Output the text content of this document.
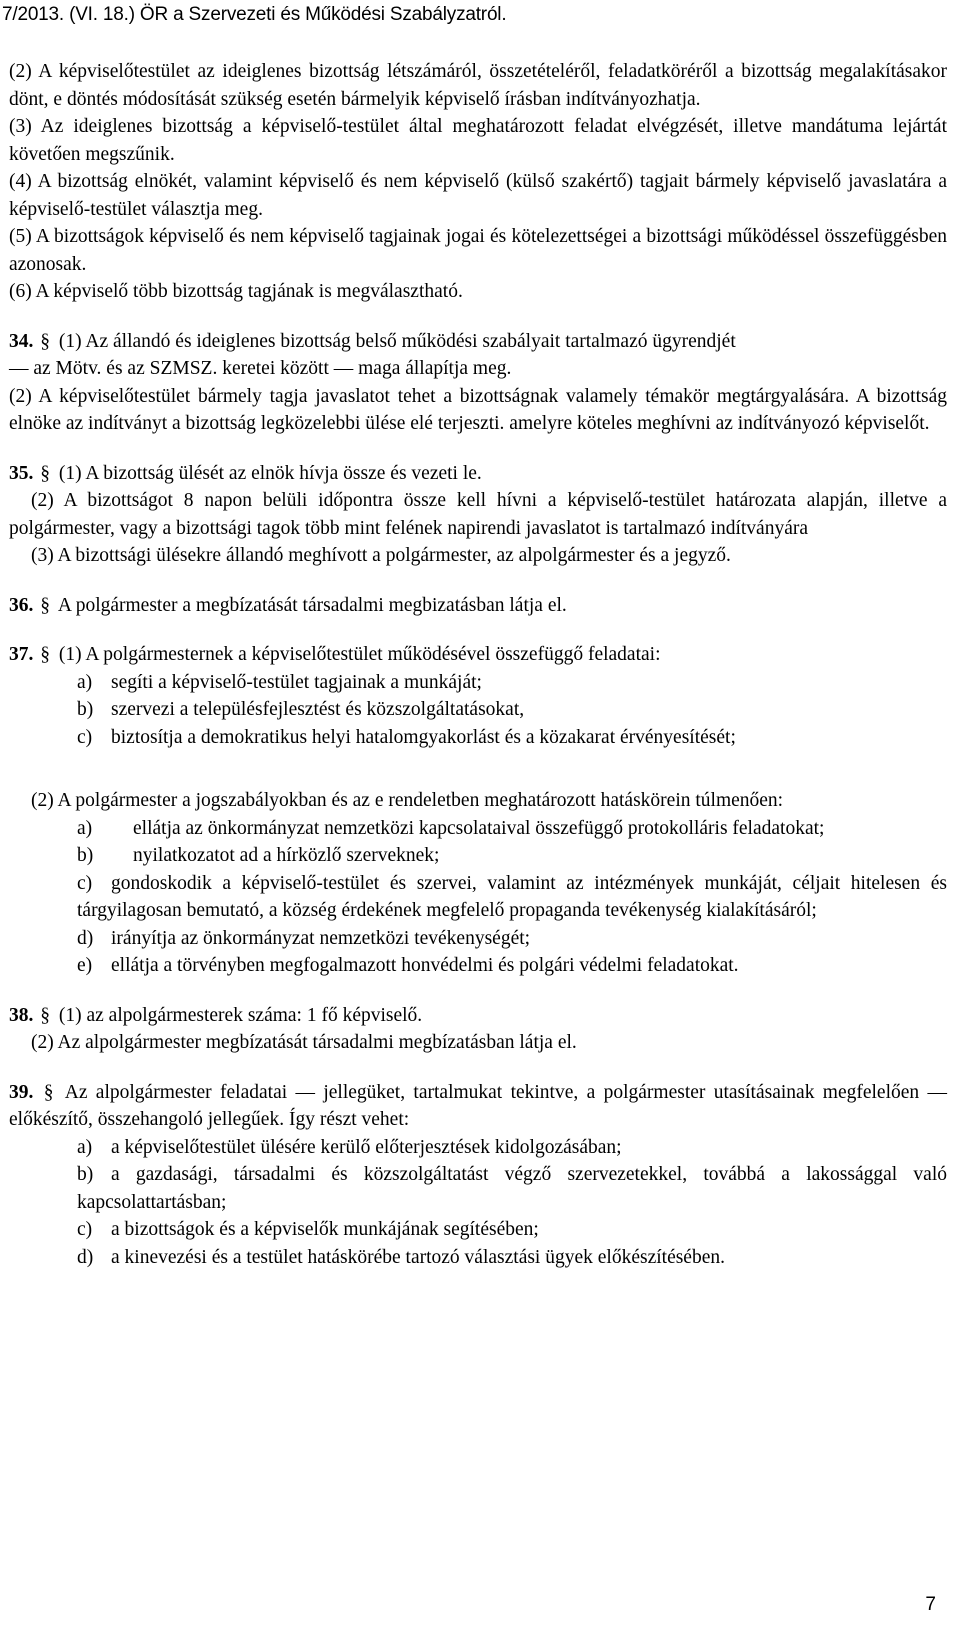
7/2013. (VI. 18.) ÖR a Szervezeti és Működési Szabályzatról.

(2) A képviselőtestület az ideiglenes bizottság létszámáról, összetételéről, feladatköréről a bizottság megalakításakor dönt, e döntés módosítását szükség esetén bármelyik képviselő írásban indítványozhatja.

(3) Az ideiglenes bizottság a képviselő-testület által meghatározott feladat elvégzését, illetve mandátuma lejártát követően megszűnik.

(4) A bizottság elnökét, valamint képviselő és nem képviselő (külső szakértő) tagjait bármely képviselő javaslatára a képviselő-testület választja meg.

(5) A bizottságok képviselő és nem képviselő tagjainak jogai és kötelezettségei a bizottsági működéssel összefüggésben azonosak.

(6) A képviselő több bizottság tagjának is megválasztható.

34. § (1) Az állandó és ideiglenes bizottság belső működési szabályait tartalmazó ügyrendjét
— az Mötv. és az SZMSZ. keretei között — maga állapítja meg.

(2) A képviselőtestület bármely tagja javaslatot tehet a bizottságnak valamely témakör megtárgyalására. A bizottság elnöke az indítványt a bizottság legközelebbi ülése elé terjeszti. amelyre köteles meghívni az indítványozó képviselőt.

35. § (1) A bizottság ülését az elnök hívja össze és vezeti le.

(2) A bizottságot 8 napon belüli időpontra össze kell hívni a képviselő-testület határozata alapján, illetve a polgármester, vagy a bizottsági tagok több mint felének napirendi javaslatot is tartalmazó indítványára

(3) A bizottsági ülésekre állandó meghívott a polgármester, az alpolgármester és a jegyző.

36. § A polgármester a megbízatását társadalmi megbizatásban látja el.

37. § (1) A polgármesternek a képviselőtestület működésével összefüggő feladatai:

a) segíti a képviselő-testület tagjainak a munkáját;

b) szervezi a településfejlesztést és közszolgáltatásokat,

c) biztosítja a demokratikus helyi hatalomgyakorlást és a közakarat érvényesítését;

(2) A polgármester a jogszabályokban és az e rendeletben meghatározott hatáskörein túlmenően:

a) ellátja az önkormányzat nemzetközi kapcsolataival összefüggő protokolláris feladatokat;

b) nyilatkozatot ad a hírközlő szerveknek;

c) gondoskodik a képviselő-testület és szervei, valamint az intézmények munkáját, céljait hitelesen és tárgyilagosan bemutató, a község érdekének megfelelő propaganda tevékenység kialakításáról;

d) irányítja az önkormányzat nemzetközi tevékenységét;

e) ellátja a törvényben megfogalmazott honvédelmi és polgári védelmi feladatokat.

38. § (1) az alpolgármesterek száma: 1 fő képviselő.

(2) Az alpolgármester megbízatását társadalmi megbízatásban látja el.

39. § Az alpolgármester feladatai — jellegüket, tartalmukat tekintve, a polgármester utasításainak megfelelően — előkészítő, összehangoló jellegűek. Így részt vehet:

a) a képviselőtestület ülésére kerülő előterjesztések kidolgozásában;

b) a gazdasági, társadalmi és közszolgáltatást végző szervezetekkel, továbbá a lakossággal való kapcsolattartásban;

c) a bizottságok és a képviselők munkájának segítésében;

d) a kinevezési és a testület hatáskörébe tartozó választási ügyek előkészítésében.

7
